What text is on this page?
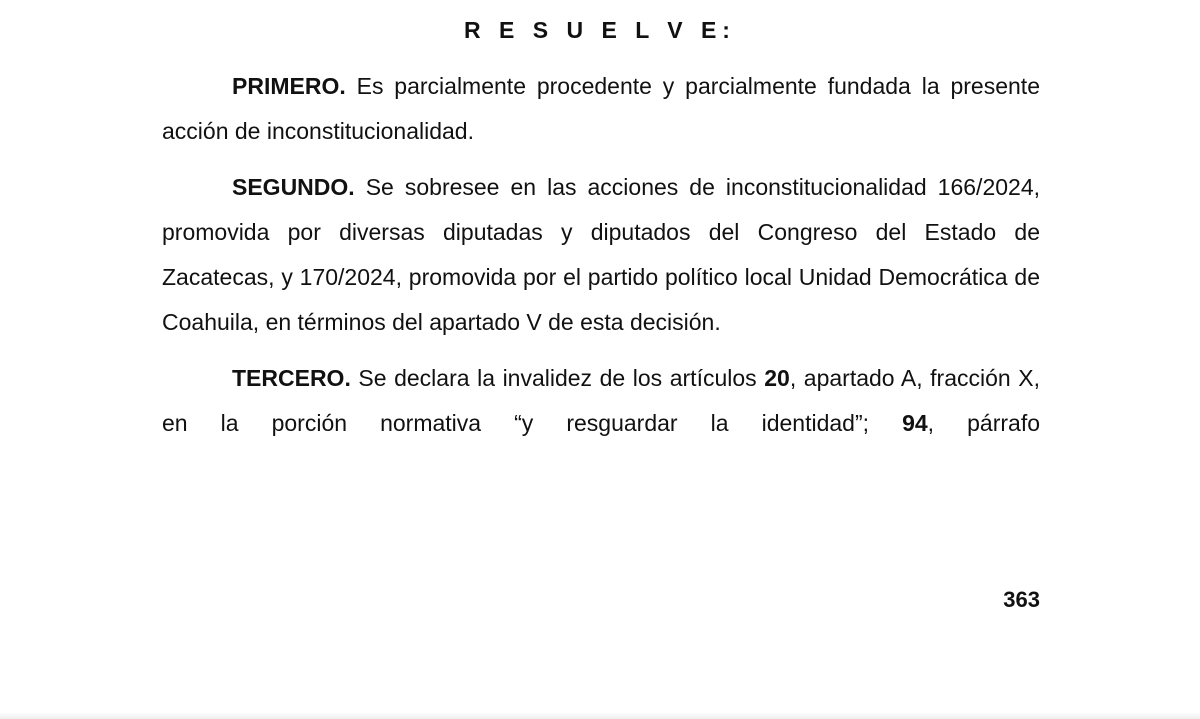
R E S U E L V E:

PRIMERO. Es parcialmente procedente y parcialmente fundada la presente acción de inconstitucionalidad.

SEGUNDO. Se sobresee en las acciones de inconstitucionalidad 166/2024, promovida por diversas diputadas y diputados del Congreso del Estado de Zacatecas, y 170/2024, promovida por el partido político local Unidad Democrática de Coahuila, en términos del apartado V de esta decisión.

TERCERO. Se declara la invalidez de los artículos 20, apartado A, fracción X, en la porción normativa “y resguardar la identidad”; 94, párrafo

363
